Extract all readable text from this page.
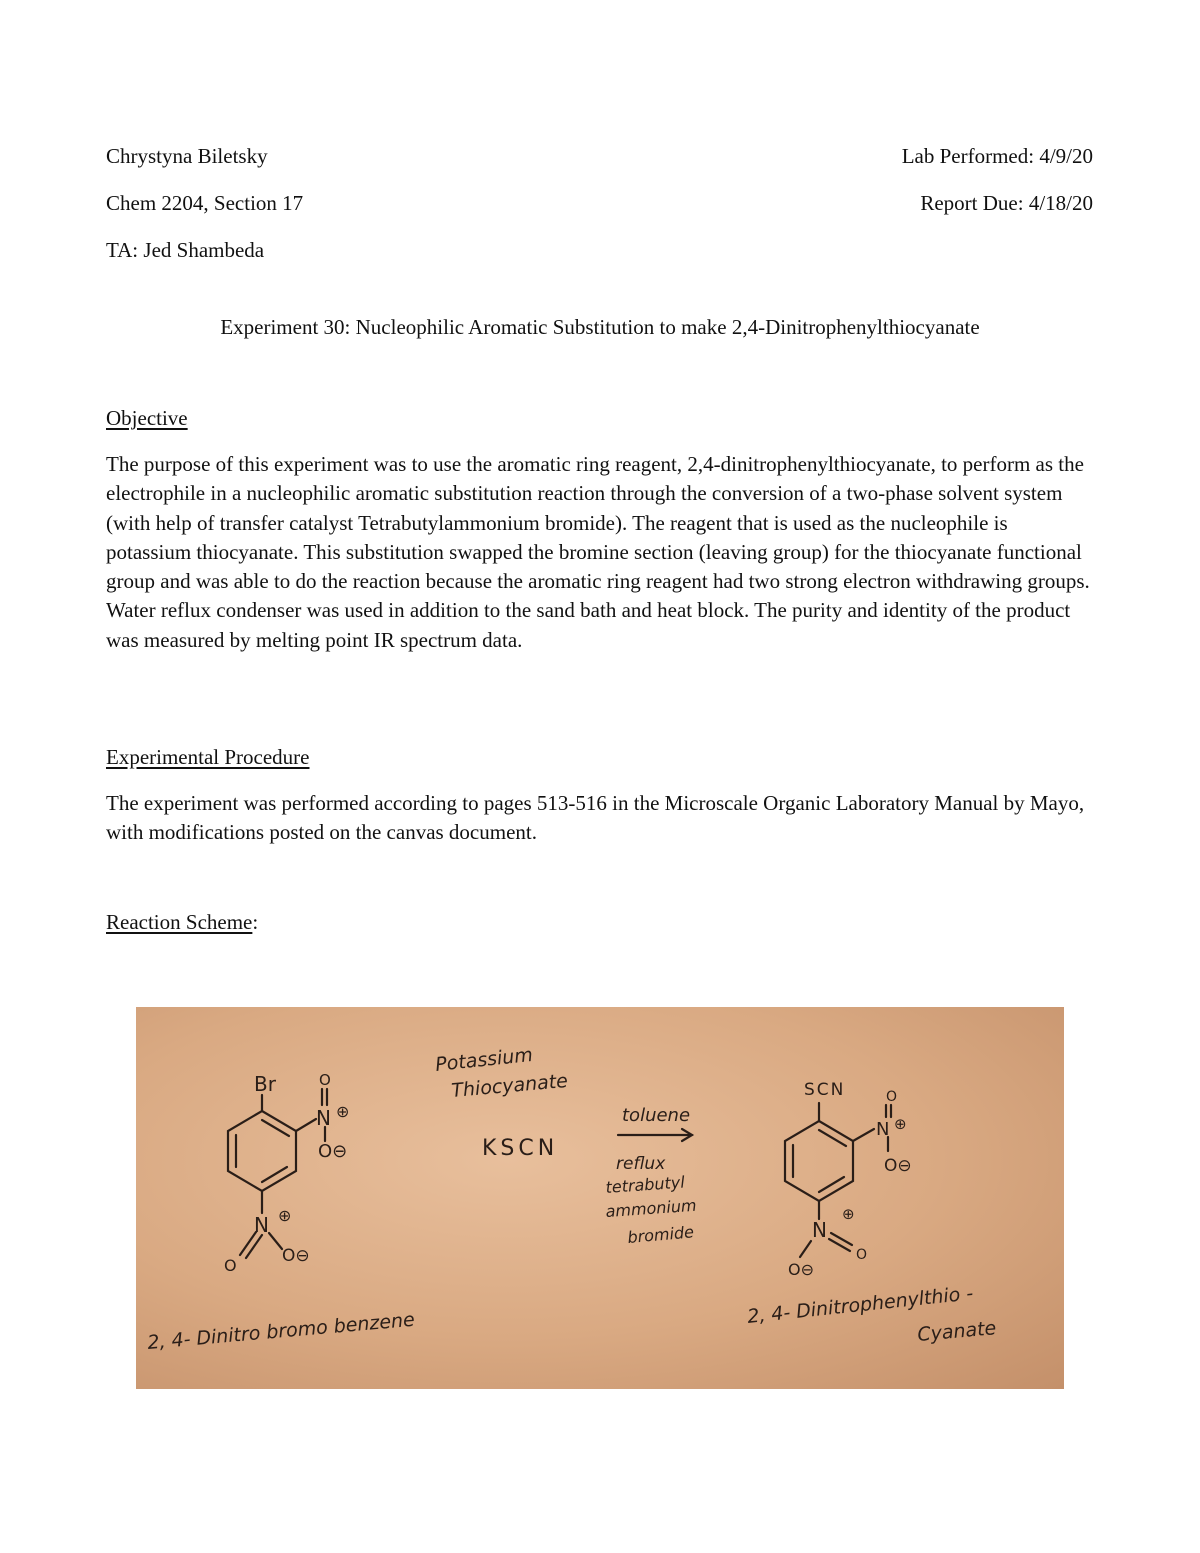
Chrystyna Biletsky	Lab Performed: 4/9/20
Chem 2204, Section 17	Report Due: 4/18/20
TA: Jed Shambeda
Experiment 30: Nucleophilic Aromatic Substitution to make 2,4-Dinitrophenylthiocyanate
Objective

The purpose of this experiment was to use the aromatic ring reagent, 2,4-dinitrophenylthiocyanate, to perform as the electrophile in a nucleophilic aromatic substitution reaction through the conversion of a two-phase solvent system (with help of transfer catalyst Tetrabutylammonium bromide). The reagent that is used as the nucleophile is potassium thiocyanate. This substitution swapped the bromine section (leaving group) for the thiocyanate functional group and was able to do the reaction because the aromatic ring reagent had two strong electron withdrawing groups. Water reflux condenser was used in addition to the sand bath and heat block. The purity and identity of the product was measured by melting point IR spectrum data.

Experimental Procedure

The experiment was performed according to pages 513-516 in the Microscale Organic Laboratory Manual by Mayo, with modifications posted on the canvas document.

Reaction Scheme:
Br	O
N ⊕
O⊖
N ⊕
O	O⊖
Potassium
Thiocyanate
KSCN
toluene
reflux
tetrabutyl
ammonium
bromide
SCN	O
N ⊕
O⊖
N
⊕
O⊖
O
2, 4- Dinitro bromo benzene
2, 4- Dinitrophenylthio -
Cyanate
